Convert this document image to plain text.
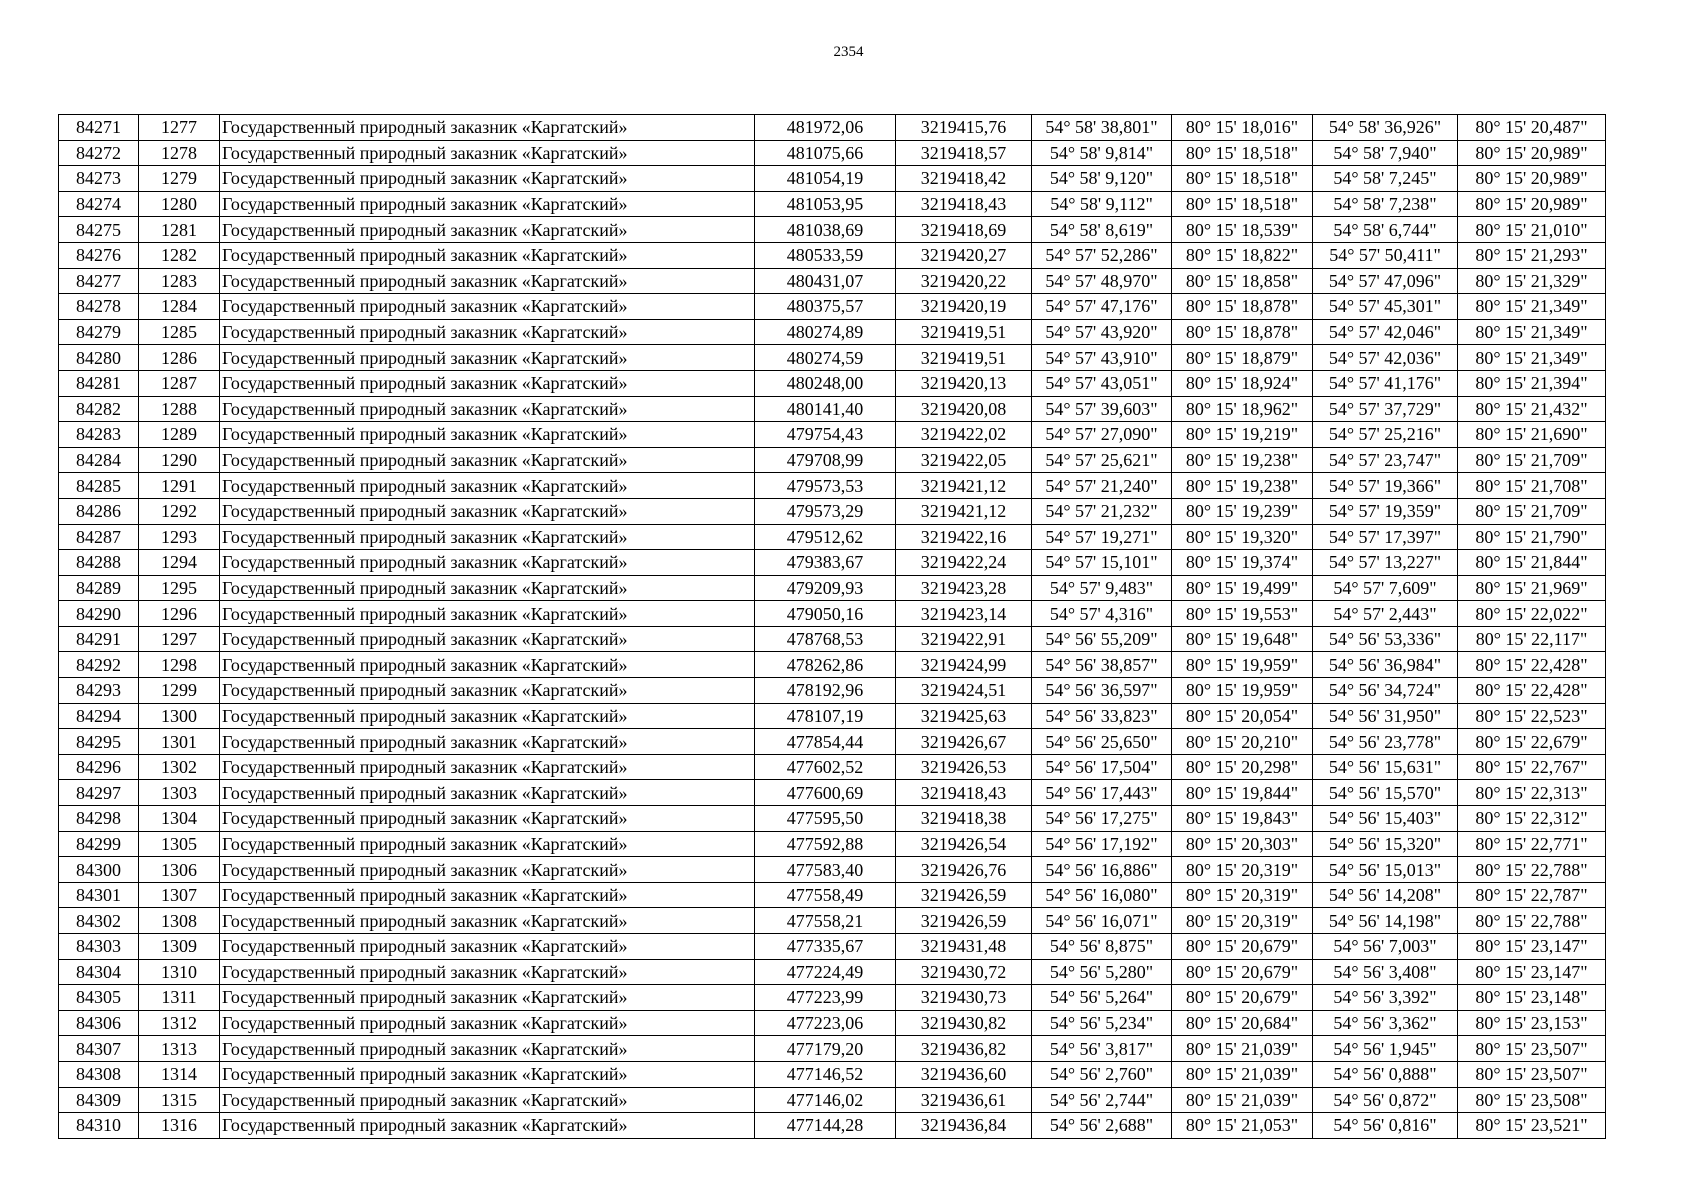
2354
84271	1277	Государственный природный заказник «Каргатский»	481972,06	3219415,76	54° 58' 38,801"	80° 15' 18,016"	54° 58' 36,926"	80° 15' 20,487"
84272	1278	Государственный природный заказник «Каргатский»	481075,66	3219418,57	54° 58' 9,814"	80° 15' 18,518"	54° 58' 7,940"	80° 15' 20,989"
84273	1279	Государственный природный заказник «Каргатский»	481054,19	3219418,42	54° 58' 9,120"	80° 15' 18,518"	54° 58' 7,245"	80° 15' 20,989"
84274	1280	Государственный природный заказник «Каргатский»	481053,95	3219418,43	54° 58' 9,112"	80° 15' 18,518"	54° 58' 7,238"	80° 15' 20,989"
84275	1281	Государственный природный заказник «Каргатский»	481038,69	3219418,69	54° 58' 8,619"	80° 15' 18,539"	54° 58' 6,744"	80° 15' 21,010"
84276	1282	Государственный природный заказник «Каргатский»	480533,59	3219420,27	54° 57' 52,286"	80° 15' 18,822"	54° 57' 50,411"	80° 15' 21,293"
84277	1283	Государственный природный заказник «Каргатский»	480431,07	3219420,22	54° 57' 48,970"	80° 15' 18,858"	54° 57' 47,096"	80° 15' 21,329"
84278	1284	Государственный природный заказник «Каргатский»	480375,57	3219420,19	54° 57' 47,176"	80° 15' 18,878"	54° 57' 45,301"	80° 15' 21,349"
84279	1285	Государственный природный заказник «Каргатский»	480274,89	3219419,51	54° 57' 43,920"	80° 15' 18,878"	54° 57' 42,046"	80° 15' 21,349"
84280	1286	Государственный природный заказник «Каргатский»	480274,59	3219419,51	54° 57' 43,910"	80° 15' 18,879"	54° 57' 42,036"	80° 15' 21,349"
84281	1287	Государственный природный заказник «Каргатский»	480248,00	3219420,13	54° 57' 43,051"	80° 15' 18,924"	54° 57' 41,176"	80° 15' 21,394"
84282	1288	Государственный природный заказник «Каргатский»	480141,40	3219420,08	54° 57' 39,603"	80° 15' 18,962"	54° 57' 37,729"	80° 15' 21,432"
84283	1289	Государственный природный заказник «Каргатский»	479754,43	3219422,02	54° 57' 27,090"	80° 15' 19,219"	54° 57' 25,216"	80° 15' 21,690"
84284	1290	Государственный природный заказник «Каргатский»	479708,99	3219422,05	54° 57' 25,621"	80° 15' 19,238"	54° 57' 23,747"	80° 15' 21,709"
84285	1291	Государственный природный заказник «Каргатский»	479573,53	3219421,12	54° 57' 21,240"	80° 15' 19,238"	54° 57' 19,366"	80° 15' 21,708"
84286	1292	Государственный природный заказник «Каргатский»	479573,29	3219421,12	54° 57' 21,232"	80° 15' 19,239"	54° 57' 19,359"	80° 15' 21,709"
84287	1293	Государственный природный заказник «Каргатский»	479512,62	3219422,16	54° 57' 19,271"	80° 15' 19,320"	54° 57' 17,397"	80° 15' 21,790"
84288	1294	Государственный природный заказник «Каргатский»	479383,67	3219422,24	54° 57' 15,101"	80° 15' 19,374"	54° 57' 13,227"	80° 15' 21,844"
84289	1295	Государственный природный заказник «Каргатский»	479209,93	3219423,28	54° 57' 9,483"	80° 15' 19,499"	54° 57' 7,609"	80° 15' 21,969"
84290	1296	Государственный природный заказник «Каргатский»	479050,16	3219423,14	54° 57' 4,316"	80° 15' 19,553"	54° 57' 2,443"	80° 15' 22,022"
84291	1297	Государственный природный заказник «Каргатский»	478768,53	3219422,91	54° 56' 55,209"	80° 15' 19,648"	54° 56' 53,336"	80° 15' 22,117"
84292	1298	Государственный природный заказник «Каргатский»	478262,86	3219424,99	54° 56' 38,857"	80° 15' 19,959"	54° 56' 36,984"	80° 15' 22,428"
84293	1299	Государственный природный заказник «Каргатский»	478192,96	3219424,51	54° 56' 36,597"	80° 15' 19,959"	54° 56' 34,724"	80° 15' 22,428"
84294	1300	Государственный природный заказник «Каргатский»	478107,19	3219425,63	54° 56' 33,823"	80° 15' 20,054"	54° 56' 31,950"	80° 15' 22,523"
84295	1301	Государственный природный заказник «Каргатский»	477854,44	3219426,67	54° 56' 25,650"	80° 15' 20,210"	54° 56' 23,778"	80° 15' 22,679"
84296	1302	Государственный природный заказник «Каргатский»	477602,52	3219426,53	54° 56' 17,504"	80° 15' 20,298"	54° 56' 15,631"	80° 15' 22,767"
84297	1303	Государственный природный заказник «Каргатский»	477600,69	3219418,43	54° 56' 17,443"	80° 15' 19,844"	54° 56' 15,570"	80° 15' 22,313"
84298	1304	Государственный природный заказник «Каргатский»	477595,50	3219418,38	54° 56' 17,275"	80° 15' 19,843"	54° 56' 15,403"	80° 15' 22,312"
84299	1305	Государственный природный заказник «Каргатский»	477592,88	3219426,54	54° 56' 17,192"	80° 15' 20,303"	54° 56' 15,320"	80° 15' 22,771"
84300	1306	Государственный природный заказник «Каргатский»	477583,40	3219426,76	54° 56' 16,886"	80° 15' 20,319"	54° 56' 15,013"	80° 15' 22,788"
84301	1307	Государственный природный заказник «Каргатский»	477558,49	3219426,59	54° 56' 16,080"	80° 15' 20,319"	54° 56' 14,208"	80° 15' 22,787"
84302	1308	Государственный природный заказник «Каргатский»	477558,21	3219426,59	54° 56' 16,071"	80° 15' 20,319"	54° 56' 14,198"	80° 15' 22,788"
84303	1309	Государственный природный заказник «Каргатский»	477335,67	3219431,48	54° 56' 8,875"	80° 15' 20,679"	54° 56' 7,003"	80° 15' 23,147"
84304	1310	Государственный природный заказник «Каргатский»	477224,49	3219430,72	54° 56' 5,280"	80° 15' 20,679"	54° 56' 3,408"	80° 15' 23,147"
84305	1311	Государственный природный заказник «Каргатский»	477223,99	3219430,73	54° 56' 5,264"	80° 15' 20,679"	54° 56' 3,392"	80° 15' 23,148"
84306	1312	Государственный природный заказник «Каргатский»	477223,06	3219430,82	54° 56' 5,234"	80° 15' 20,684"	54° 56' 3,362"	80° 15' 23,153"
84307	1313	Государственный природный заказник «Каргатский»	477179,20	3219436,82	54° 56' 3,817"	80° 15' 21,039"	54° 56' 1,945"	80° 15' 23,507"
84308	1314	Государственный природный заказник «Каргатский»	477146,52	3219436,60	54° 56' 2,760"	80° 15' 21,039"	54° 56' 0,888"	80° 15' 23,507"
84309	1315	Государственный природный заказник «Каргатский»	477146,02	3219436,61	54° 56' 2,744"	80° 15' 21,039"	54° 56' 0,872"	80° 15' 23,508"
84310	1316	Государственный природный заказник «Каргатский»	477144,28	3219436,84	54° 56' 2,688"	80° 15' 21,053"	54° 56' 0,816"	80° 15' 23,521"
